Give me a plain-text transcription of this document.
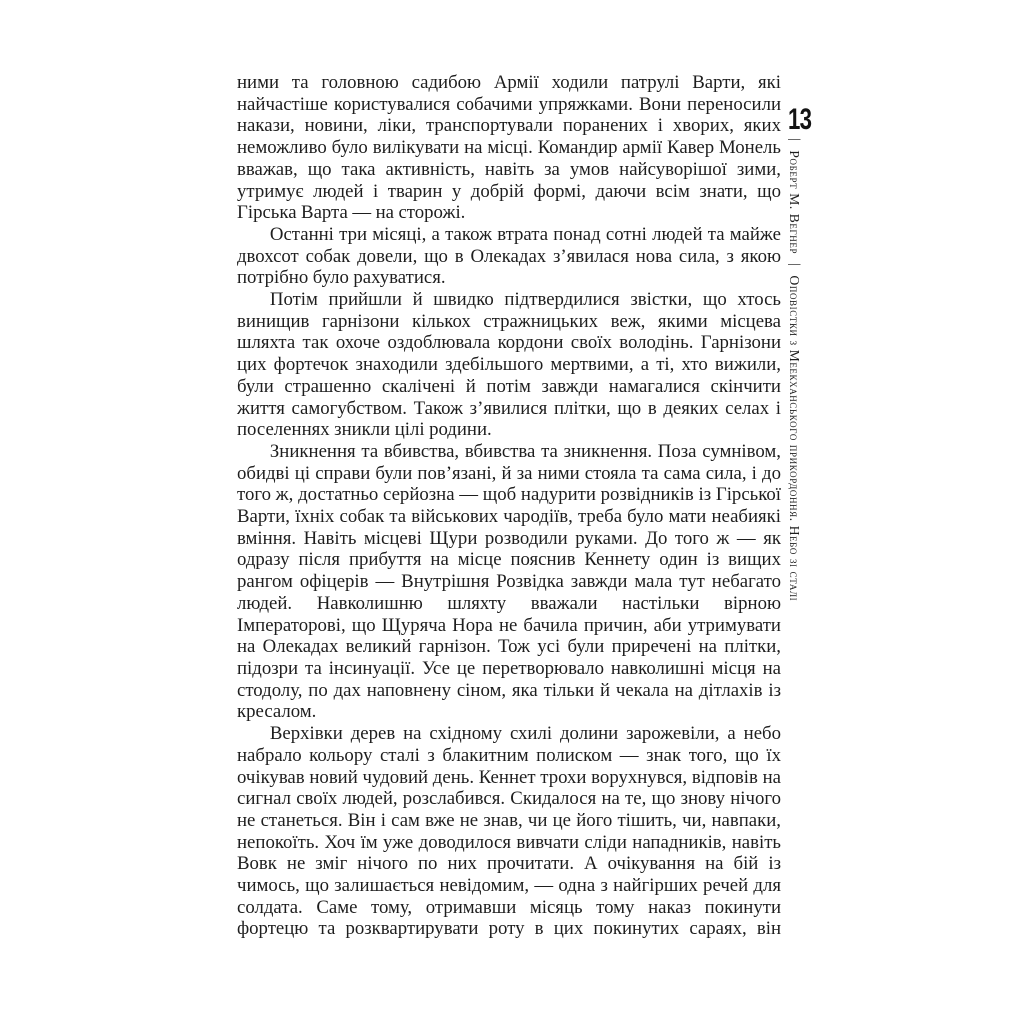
ними та головною садибою Армії ходили патрулі Варти, які найчастіше користувалися собачими упряжками. Вони переносили накази, новини, ліки, транспортували поранених і хворих, яких неможливо було вилікувати на місці. Командир армії Кавер Монель вважав, що така активність, навіть за умов найсуворішої зими, утримує людей і тварин у добрій формі, даючи всім знати, що Гірська Варта — на сторожі.

Останні три місяці, а також втрата понад сотні людей та майже двохсот собак довели, що в Олекадах з’явилася нова сила, з якою потрібно було рахуватися.

Потім прийшли й швидко підтвердилися звістки, що хтось винищив гарнізони кількох стражницьких веж, якими місцева шляхта так охоче оздоблювала кордони своїх володінь. Гарнізони цих фортечок знаходили здебільшого мертвими, а ті, хто вижили, були страшенно скалічені й потім завжди намагалися скінчити життя самогубством. Також з’явилися плітки, що в деяких селах і поселеннях зникли цілі родини.

Зникнення та вбивства, вбивства та зникнення. Поза сумнівом, обидві ці справи були пов’язані, й за ними стояла та сама сила, і до того ж, достатньо серйозна — щоб надурити розвідників із Гірської Варти, їхніх собак та військових чародіїв, треба було мати неабиякі вміння. Навіть місцеві Щури розводили руками. До того ж — як одразу після прибуття на місце пояснив Кеннету один із вищих рангом офіцерів — Внутрішня Розвідка завжди мала тут небагато людей. Навколишню шляхту вважали настільки вірною Імператорові, що Щуряча Нора не бачила причин, аби утримувати на Олекадах великий гарнізон. Тож усі були приречені на плітки, підозри та інсинуації. Усе це перетворювало навколишні місця на стодолу, по дах наповнену сіном, яка тільки й чекала на дітлахів із кресалом.

Верхівки дерев на східному схилі долини зарожевіли, а небо набрало кольору сталі з блакитним полиском — знак того, що їх очікував новий чудовий день. Кеннет трохи ворухнувся, відповів на сигнал своїх людей, розслабився. Скидалося на те, що знову нічого не станеться. Він і сам вже не знав, чи це його тішить, чи, навпаки, непокоїть. Хоч їм уже доводилося вивчати сліди нападників, навіть Вовк не зміг нічого по них прочитати. А очікування на бій із чимось, що залишається невідомим, — одна з найгірших речей для солдата. Саме тому, отримавши місяць тому наказ покинути фортецю та розквартирувати роту в цих покинутих сараях, він

13
| Роберт М. Вегнер | Оповістки з Меекханського прикордоння. Небо зі сталі
